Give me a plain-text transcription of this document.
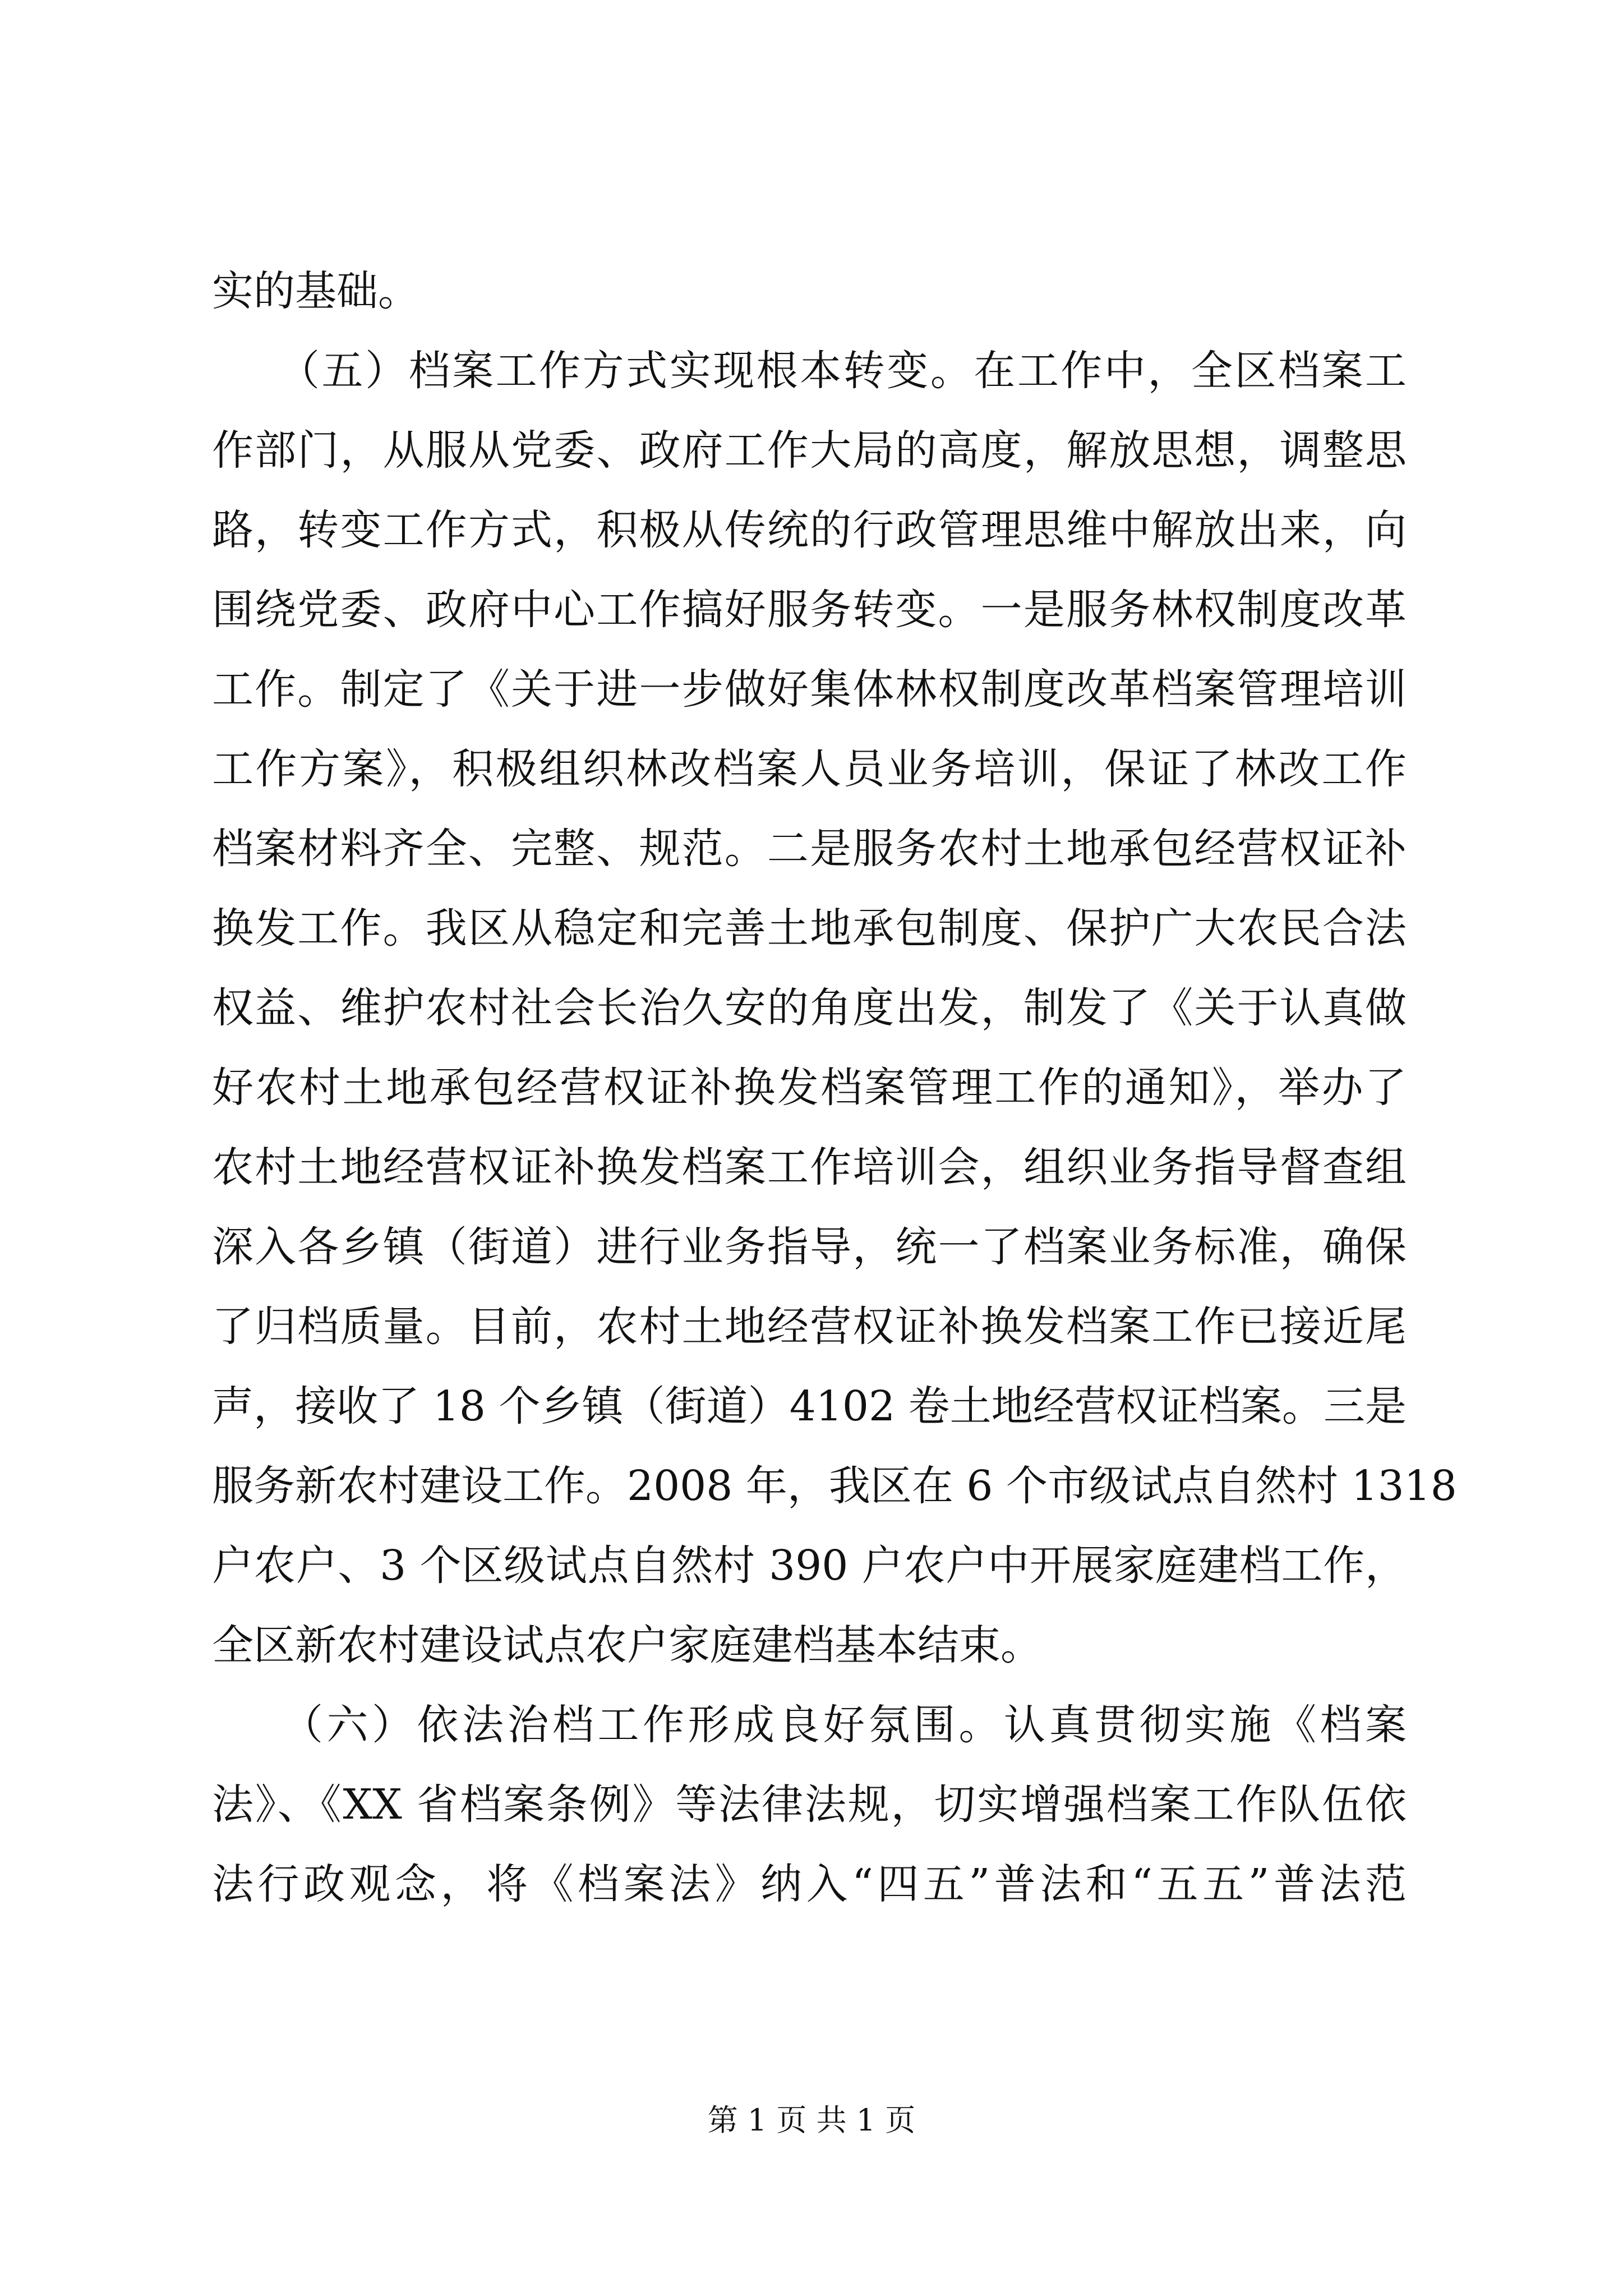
实的基础。
　　（五）档案工作方式实现根本转变。在工作中，全区档案工
作部门，从服从党委、政府工作大局的高度，解放思想，调整思
路，转变工作方式，积极从传统的行政管理思维中解放出来，向
围绕党委、政府中心工作搞好服务转变。一是服务林权制度改革
工作。制定了《关于进一步做好集体林权制度改革档案管理培训
工作方案》，积极组织林改档案人员业务培训，保证了林改工作
档案材料齐全、完整、规范。二是服务农村土地承包经营权证补
换发工作。我区从稳定和完善土地承包制度、保护广大农民合法
权益、维护农村社会长治久安的角度出发，制发了《关于认真做
好农村土地承包经营权证补换发档案管理工作的通知》，举办了
农村土地经营权证补换发档案工作培训会，组织业务指导督查组
深入各乡镇（街道）进行业务指导，统一了档案业务标准，确保
了归档质量。目前，农村土地经营权证补换发档案工作已接近尾
声，接收了 18 个乡镇（街道）4102 卷土地经营权证档案。三是
服务新农村建设工作。2008 年，我区在 6 个市级试点自然村 1318
户农户、3 个区级试点自然村 390 户农户中开展家庭建档工作，
全区新农村建设试点农户家庭建档基本结束。
　　（六）依法治档工作形成良好氛围。认真贯彻实施《档案
法》、《XX 省档案条例》等法律法规，切实增强档案工作队伍依
法行政观念，将《档案法》纳入“四五”普法和“五五”普法范
第 1 页 共 1 页
